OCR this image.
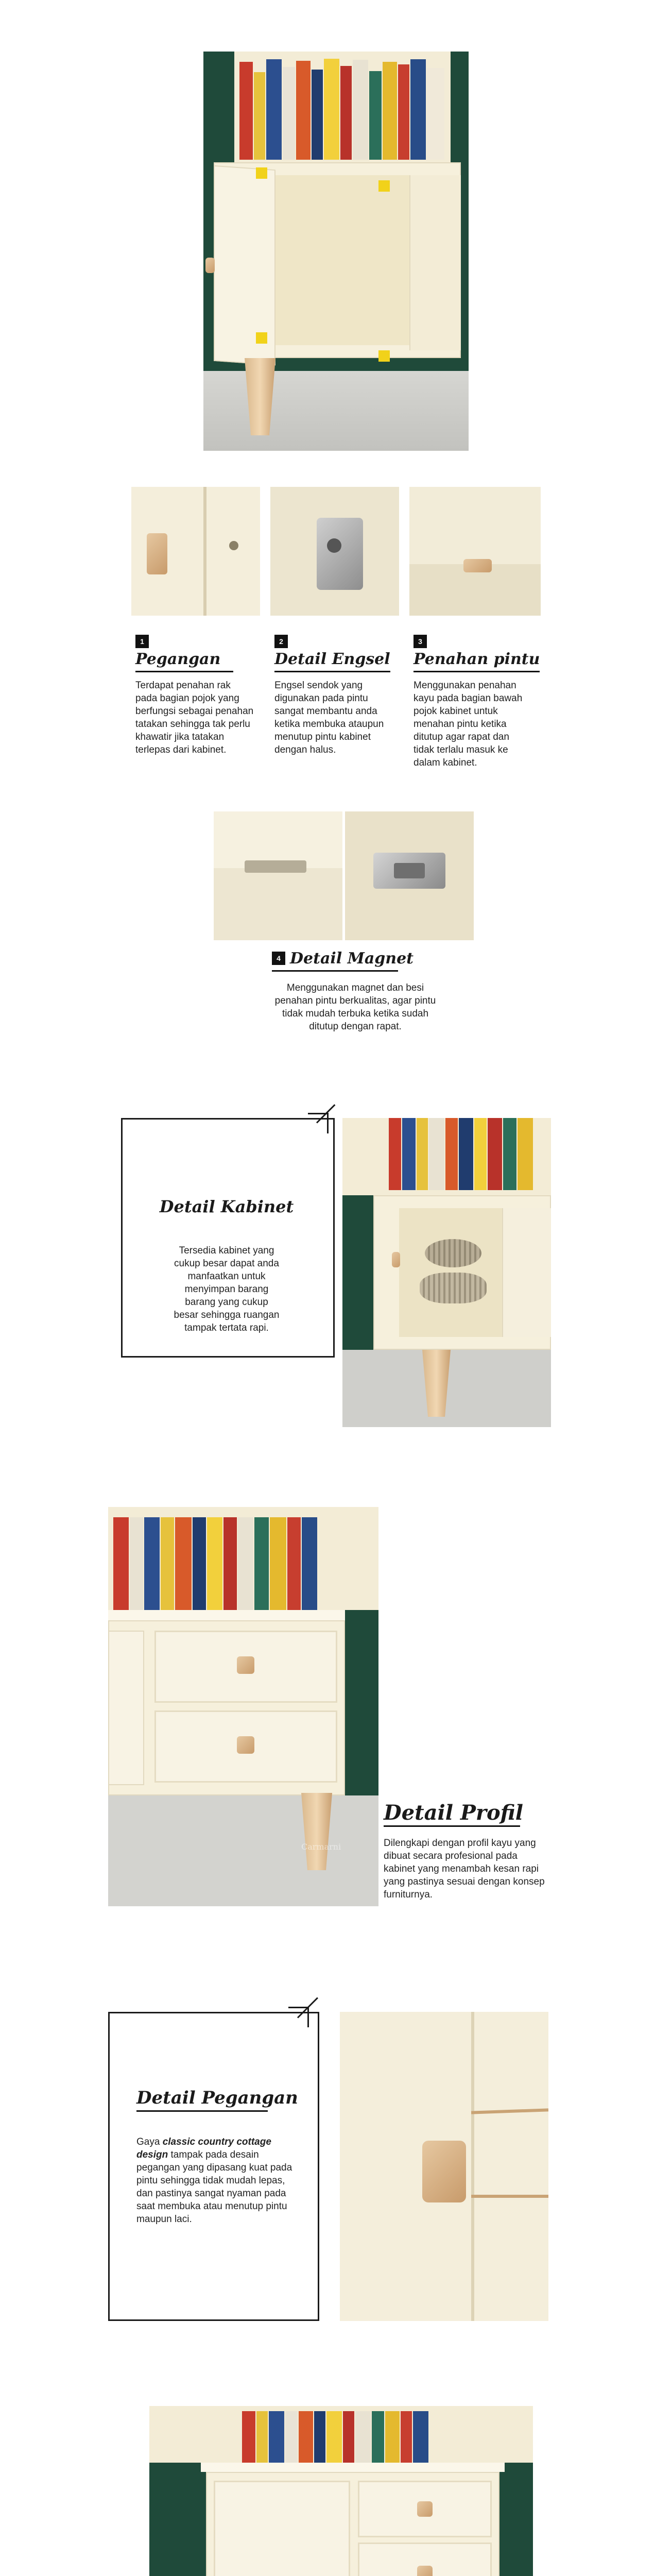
1
Pegangan
Terdapat penahan rak pada bagian pojok yang berfungsi sebagai penahan tatakan sehingga tak perlu khawatir jika tatakan terlepas dari kabinet.
2
Detail Engsel
Engsel sendok yang digunakan pada pintu sangat membantu anda ketika membuka ataupun menutup pintu kabinet dengan halus.
3
Penahan pintu
Menggunakan penahan kayu pada bagian bawah pojok kabinet untuk menahan pintu ketika ditutup agar rapat dan tidak terlalu masuk ke dalam kabinet.
4 Detail Magnet
Menggunakan magnet dan besi penahan pintu berkualitas, agar pintu tidak mudah terbuka ketika sudah ditutup dengan rapat.
Detail Kabinet
Tersedia kabinet yang cukup besar dapat anda manfaatkan untuk menyimpan barang barang yang cukup besar sehingga ruangan tampak tertata rapi.
Carmarni
Detail Profil
Dilengkapi dengan profil kayu yang dibuat secara profesional pada kabinet yang menambah kesan rapi yang pastinya sesuai dengan konsep furniturnya.
Detail Pegangan
Gaya classic country cottage design tampak pada desain pegangan yang dipasang kuat pada pintu sehingga tidak mudah lepas, dan pastinya sangat nyaman pada saat membuka atau menutup pintu maupun laci.
